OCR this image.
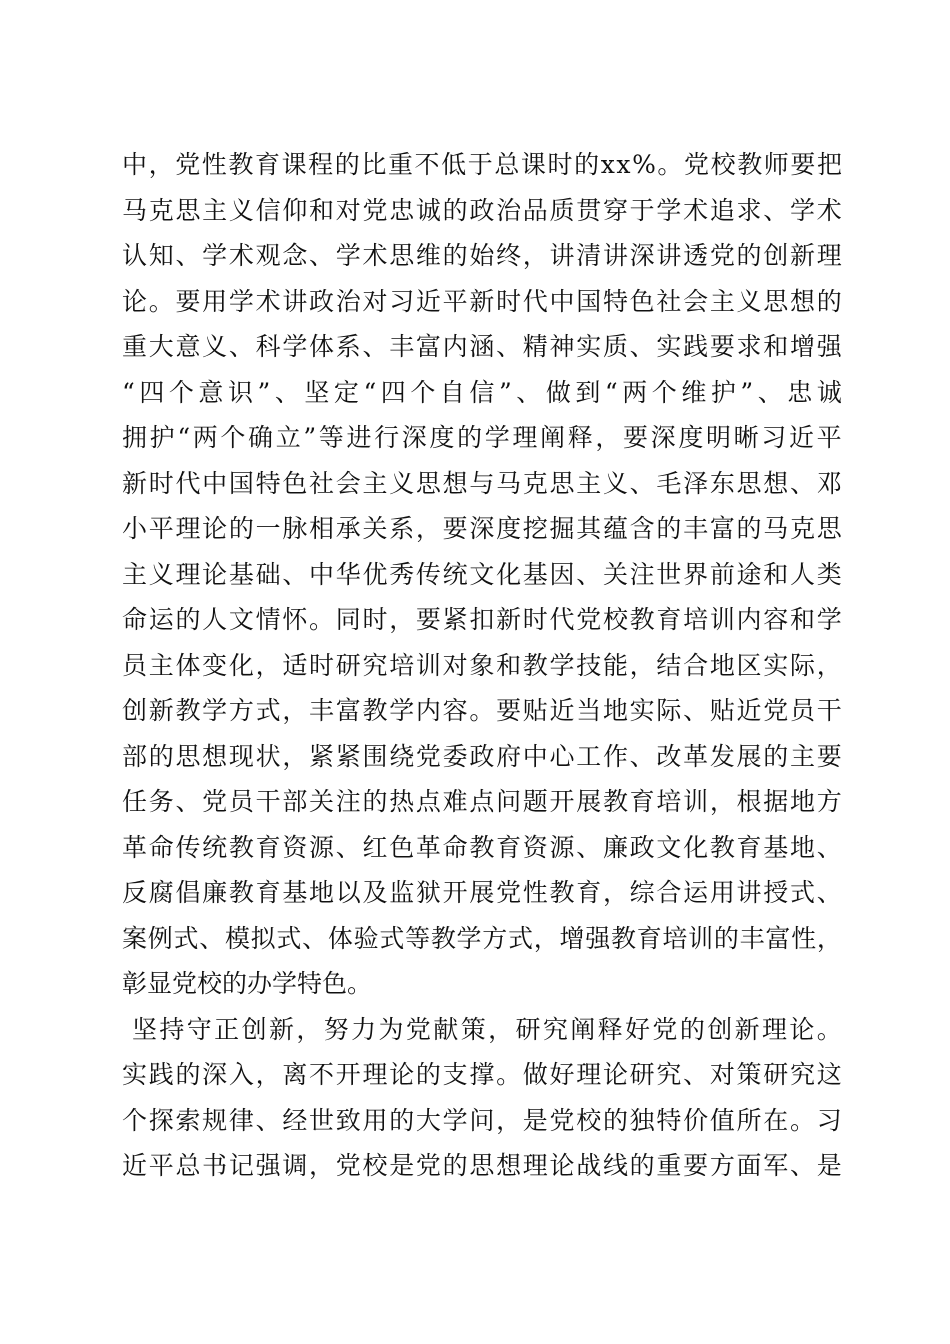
中 ， 党 性 教 育 课 程 的 比 重 不 低 于 总 课 时 的 x x % 。 党 校 教 师 要 把
马 克 思 主 义 信 仰 和 对 党 忠 诚 的 政 治 品 质 贯 穿 于 学 术 追 求 、 学 术
认 知 、 学 术 观 念 、 学 术 思 维 的 始 终 ， 讲 清 讲 深 讲 透 党 的 创 新 理
论 。 要 用 学 术 讲 政 治 对 习 近 平 新 时 代 中 国 特 色 社 会 主 义 思 想 的
重 大 意 义 、 科 学 体 系 、 丰 富 内 涵 、 精 神 实 质 、 实 践 要 求 和 增 强
“ 四 个 意 识 ” 、 坚 定 “ 四 个 自 信 ” 、 做 到 “ 两 个 维 护 ” 、 忠 诚
拥 护 “ 两 个 确 立 ” 等 进 行 深 度 的 学 理 阐 释 ， 要 深 度 明 晰 习 近 平
新 时 代 中 国 特 色 社 会 主 义 思 想 与 马 克 思 主 义 、 毛 泽 东 思 想 、 邓
小 平 理 论 的 一 脉 相 承 关 系 ， 要 深 度 挖 掘 其 蕴 含 的 丰 富 的 马 克 思
主 义 理 论 基 础 、 中 华 优 秀 传 统 文 化 基 因 、 关 注 世 界 前 途 和 人 类
命 运 的 人 文 情 怀 。 同 时 ， 要 紧 扣 新 时 代 党 校 教 育 培 训 内 容 和 学
员 主 体 变 化 ， 适 时 研 究 培 训 对 象 和 教 学 技 能 ， 结 合 地 区 实 际 ，
创 新 教 学 方 式 ， 丰 富 教 学 内 容 。 要 贴 近 当 地 实 际 、 贴 近 党 员 干
部 的 思 想 现 状 ， 紧 紧 围 绕 党 委 政 府 中 心 工 作 、 改 革 发 展 的 主 要
任 务 、 党 员 干 部 关 注 的 热 点 难 点 问 题 开 展 教 育 培 训 ， 根 据 地 方
革 命 传 统 教 育 资 源 、 红 色 革 命 教 育 资 源 、 廉 政 文 化 教 育 基 地 、
反 腐 倡 廉 教 育 基 地 以 及 监 狱 开 展 党 性 教 育 ， 综 合 运 用 讲 授 式 、
案 例 式 、 模 拟 式 、 体 验 式 等 教 学 方 式 ， 增 强 教 育 培 训 的 丰 富 性 ，
彰显党校的办学特色。
坚 持 守 正 创 新 ， 努 力 为 党 献 策 ， 研 究 阐 释 好 党 的 创 新 理 论 。
实 践 的 深 入 ， 离 不 开 理 论 的 支 撑 。 做 好 理 论 研 究 、 对 策 研 究 这
个 探 索 规 律 、 经 世 致 用 的 大 学 问 ， 是 党 校 的 独 特 价 值 所 在 。 习
近 平 总 书 记 强 调 ， 党 校 是 党 的 思 想 理 论 战 线 的 重 要 方 面 军 、 是
